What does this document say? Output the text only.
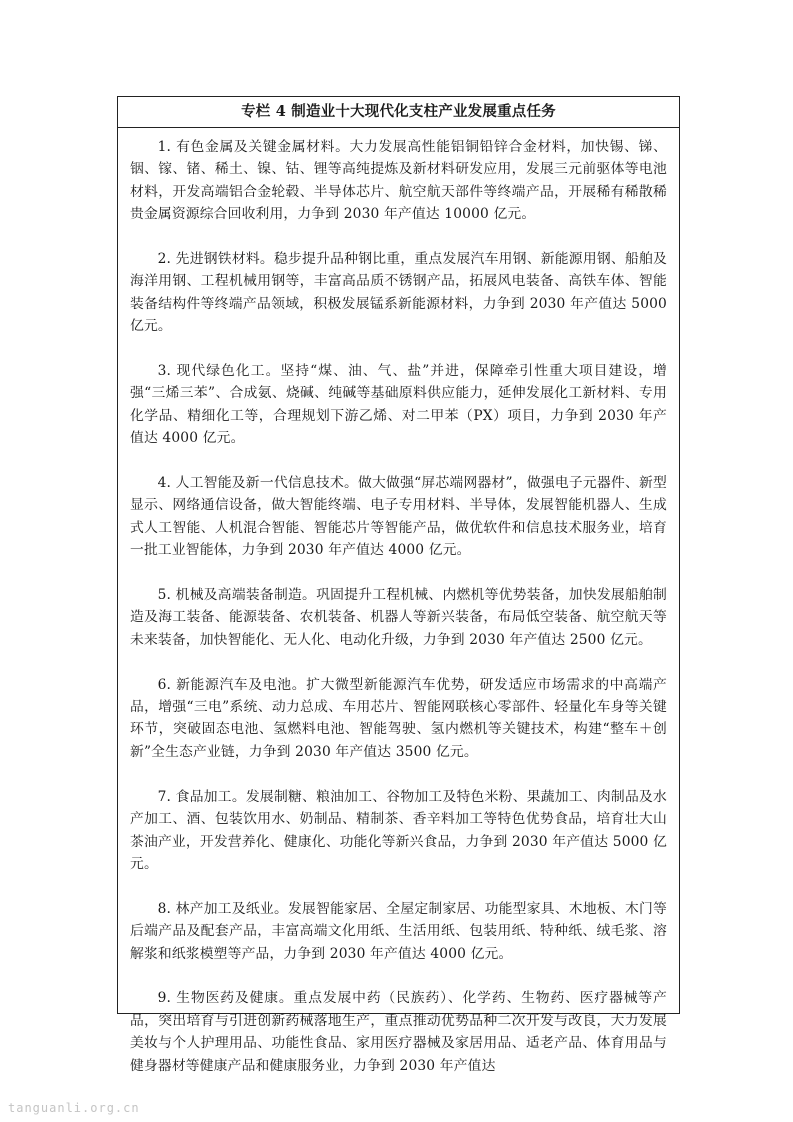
专栏 4 制造业十大现代化支柱产业发展重点任务

1. 有色金属及关键金属材料。大力发展高性能铝铜铅锌合金材料，加快锡、锑、铟、镓、锗、稀土、镍、钴、锂等高纯提炼及新材料研发应用，发展三元前驱体等电池材料，开发高端铝合金轮毂、半导体芯片、航空航天部件等终端产品，开展稀有稀散稀贵金属资源综合回收利用，力争到 2030 年产值达 10000 亿元。

2. 先进钢铁材料。稳步提升品种钢比重，重点发展汽车用钢、新能源用钢、船舶及海洋用钢、工程机械用钢等，丰富高品质不锈钢产品，拓展风电装备、高铁车体、智能装备结构件等终端产品领域，积极发展锰系新能源材料，力争到 2030 年产值达 5000 亿元。

3. 现代绿色化工。坚持“煤、油、气、盐”并进，保障牵引性重大项目建设，增强“三烯三苯”、合成氨、烧碱、纯碱等基础原料供应能力，延伸发展化工新材料、专用化学品、精细化工等，合理规划下游乙烯、对二甲苯（PX）项目，力争到 2030 年产值达 4000 亿元。

4. 人工智能及新一代信息技术。做大做强“屏芯端网器材”，做强电子元器件、新型显示、网络通信设备，做大智能终端、电子专用材料、半导体，发展智能机器人、生成式人工智能、人机混合智能、智能芯片等智能产品，做优软件和信息技术服务业，培育一批工业智能体，力争到 2030 年产值达 4000 亿元。

5. 机械及高端装备制造。巩固提升工程机械、内燃机等优势装备，加快发展船舶制造及海工装备、能源装备、农机装备、机器人等新兴装备，布局低空装备、航空航天等未来装备，加快智能化、无人化、电动化升级，力争到 2030 年产值达 2500 亿元。

6. 新能源汽车及电池。扩大微型新能源汽车优势，研发适应市场需求的中高端产品，增强“三电”系统、动力总成、车用芯片、智能网联核心零部件、轻量化车身等关键环节，突破固态电池、氢燃料电池、智能驾驶、氢内燃机等关键技术，构建“整车＋创新”全生态产业链，力争到 2030 年产值达 3500 亿元。

7. 食品加工。发展制糖、粮油加工、谷物加工及特色米粉、果蔬加工、肉制品及水产加工、酒、包装饮用水、奶制品、精制茶、香辛料加工等特色优势食品，培育壮大山茶油产业，开发营养化、健康化、功能化等新兴食品，力争到 2030 年产值达 5000 亿元。

8. 林产加工及纸业。发展智能家居、全屋定制家居、功能型家具、木地板、木门等后端产品及配套产品，丰富高端文化用纸、生活用纸、包装用纸、特种纸、绒毛浆、溶解浆和纸浆模塑等产品，力争到 2030 年产值达 4000 亿元。

9. 生物医药及健康。重点发展中药（民族药）、化学药、生物药、医疗器械等产品，突出培育与引进创新药械落地生产，重点推动优势品种二次开发与改良，大力发展美妆与个人护理用品、功能性食品、家用医疗器械及家居用品、适老产品、体育用品与健身器材等健康产品和健康服务业，力争到 2030 年产值达

tanguanli.org.cn
